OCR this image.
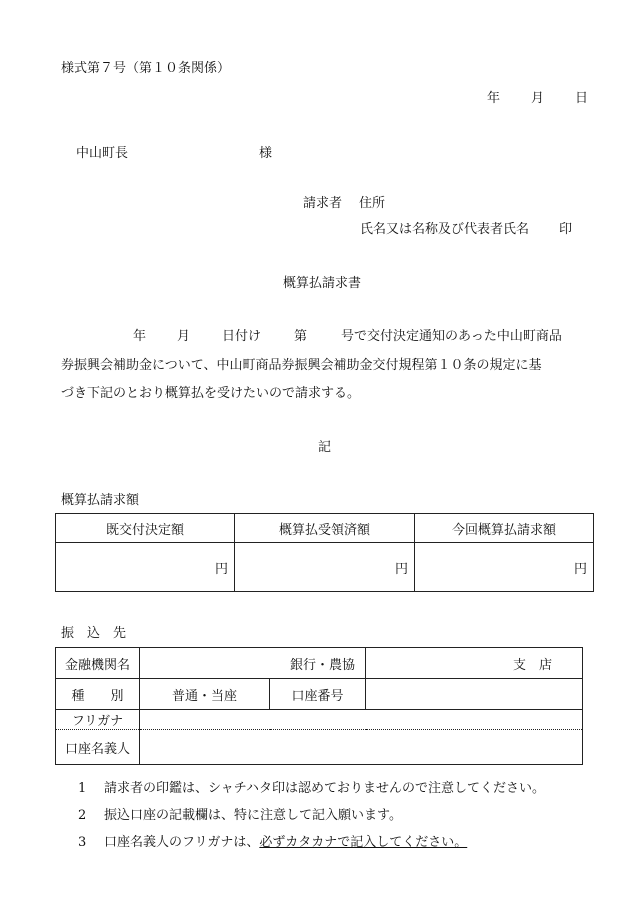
様式第７号（第１０条関係）
年 月 日
中山町長	様
請求者 住所
氏名又は名称及び代表者氏名 印
概算払請求書
年 月 日付け	第	号で交付決定通知のあった中山町商品
券振興会補助金について、中山町商品券振興会補助金交付規程第１０条の規定に基
づき下記のとおり概算払を受けたいので請求する。
記
概算払請求額
既交付決定額	概算払受領済額	今回概算払請求額
円	円	円
振　込　先
金融機関名	銀行・農協		支　店
種　　別	普通・当座	口座番号	
フリガナ			
口座名義人			
1 請求者の印鑑は、シャチハタ印は認めておりませんので注意してください。
2 振込口座の記載欄は、特に注意して記入願います。
3 口座名義人のフリガナは、必ずカタカナで記入してください。
